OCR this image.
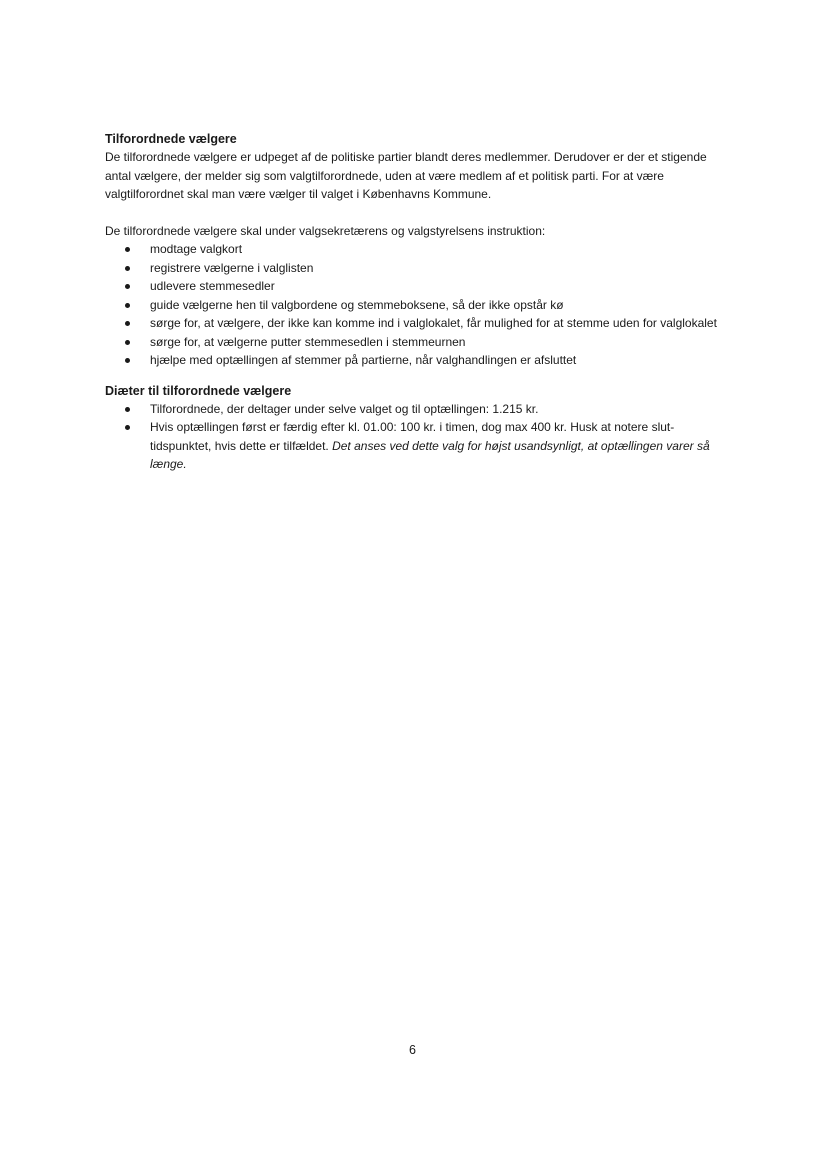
Tilforordnede vælgere

De tilforordnede vælgere er udpeget af de politiske partier blandt deres medlemmer. Derudover er der et stigende antal vælgere, der melder sig som valgtilforordnede, uden at være medlem af et politisk parti. For at være valgtilforordnet skal man være vælger til valget i Københavns Kommune.

De tilforordnede vælgere skal under valgsekretærens og valgstyrelsens instruktion:

modtage valgkort
registrere vælgerne i valglisten
udlevere stemmesedler
guide vælgerne hen til valgbordene og stemmeboksene, så der ikke opstår kø
sørge for, at vælgere, der ikke kan komme ind i valglokalet, får mulighed for at stemme uden for valglokalet
sørge for, at vælgerne putter stemmesedlen i stemmeurnen
hjælpe med optællingen af stemmer på partierne, når valghandlingen er afsluttet
Diæter til tilforordnede vælgere
Tilforordnede, der deltager under selve valget og til optællingen: 1.215 kr.
Hvis optællingen først er færdig efter kl. 01.00: 100 kr. i timen, dog max 400 kr. Husk at notere slut-tidspunktet, hvis dette er tilfældet. Det anses ved dette valg for højst usandsynligt, at optællingen varer så længe.
6
